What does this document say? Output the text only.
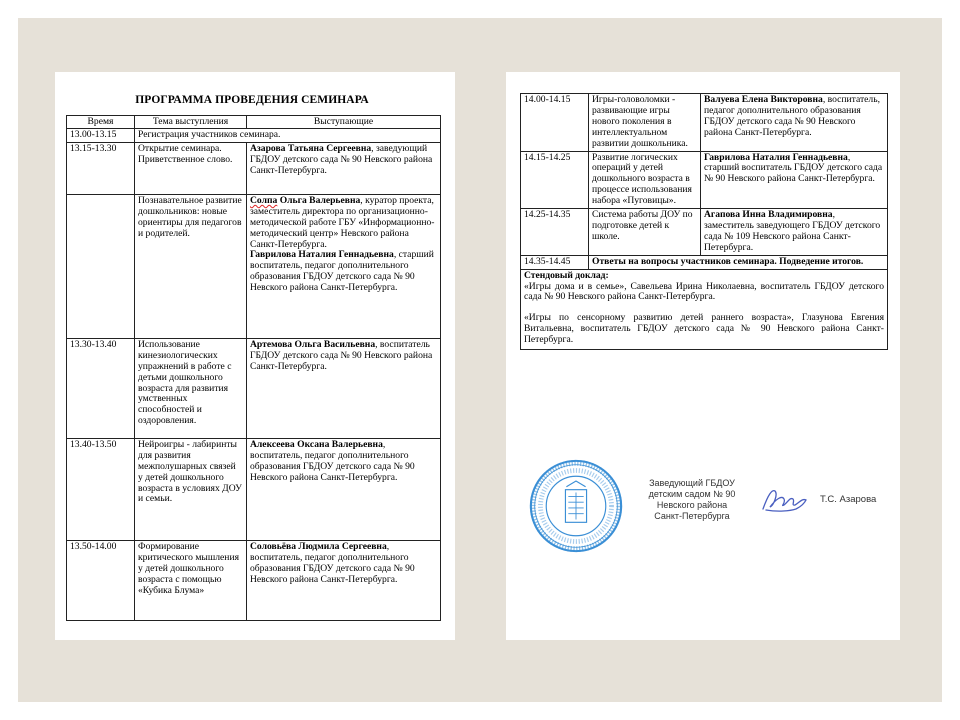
ПРОГРАММА ПРОВЕДЕНИЯ СЕМИНАРА
Время	Тема выступления	Выступающие
13.00-13.15	Регистрация участников семинара.	
13.15-13.30	Открытие семинара. Приветственное слово.	Азарова Татьяна Сергеевна, заведующий ГБДОУ детского сада № 90 Невского района Санкт-Петербурга.
	Познавательное развитие дошкольников: новые ориентиры для педагогов и родителей.	Солпа Ольга Валерьевна, куратор проекта, заместитель директора по организационно-методической работе ГБУ «Информационно-методический центр» Невского района Санкт-Петербурга.
Гаврилова Наталия Геннадьевна, старший воспитатель, педагог дополнительного образования ГБДОУ детского сада № 90 Невского района Санкт-Петербурга.
13.30-13.40	Использование кинезиологических упражнений в работе с детьми дошкольного возраста для развития умственных способностей и оздоровления.	Артемова Ольга Васильевна, воспитатель ГБДОУ детского сада № 90 Невского района Санкт-Петербурга.
13.40-13.50	Нейроигры - лабиринты для развития межполушарных связей у детей дошкольного возраста в условиях ДОУ и семьи.	Алексеева Оксана Валерьевна, воспитатель, педагог дополнительного образования ГБДОУ детского сада № 90 Невского района Санкт-Петербурга.
13.50-14.00	Формирование критического мышления у детей дошкольного возраста с помощью «Кубика Блума»	Соловьёва Людмила Сергеевна, воспитатель, педагог дополнительного образования ГБДОУ детского сада № 90 Невского района Санкт-Петербурга.
14.00-14.15	Игры-головоломки - развивающие игры нового поколения в интеллектуальном развитии дошкольника.	Валуева Елена Викторовна, воспитатель, педагог дополнительного образования ГБДОУ детского сада № 90 Невского района Санкт-Петербурга.
14.15-14.25	Развитие логических операций у детей дошкольного возраста в процессе использования набора «Пуговицы».	Гаврилова Наталия Геннадьевна, старший воспитатель ГБДОУ детского сада № 90 Невского района Санкт-Петербурга.
14.25-14.35	Система работы ДОУ по подготовке детей к школе.	Агапова Инна Владимировна, заместитель заведующего ГБДОУ детского сада № 109 Невского района Санкт-Петербурга.
14.35-14.45	Ответы на вопросы участников семинара. Подведение итогов.	

Стендовый доклад:

«Игры дома и в семье», Савельева Ирина Николаевна, воспитатель ГБДОУ детского сада № 90 Невского района Санкт-Петербурга.

«Игры по сенсорному развитию детей раннего возраста», Глазунова Евгения Витальевна, воспитатель ГБДОУ детского сада № 90 Невского района Санкт-Петербурга.		

Заведующий ГБДОУ
детским садом № 90
Невского района
Санкт-Петербурга
Т.С. Азарова
